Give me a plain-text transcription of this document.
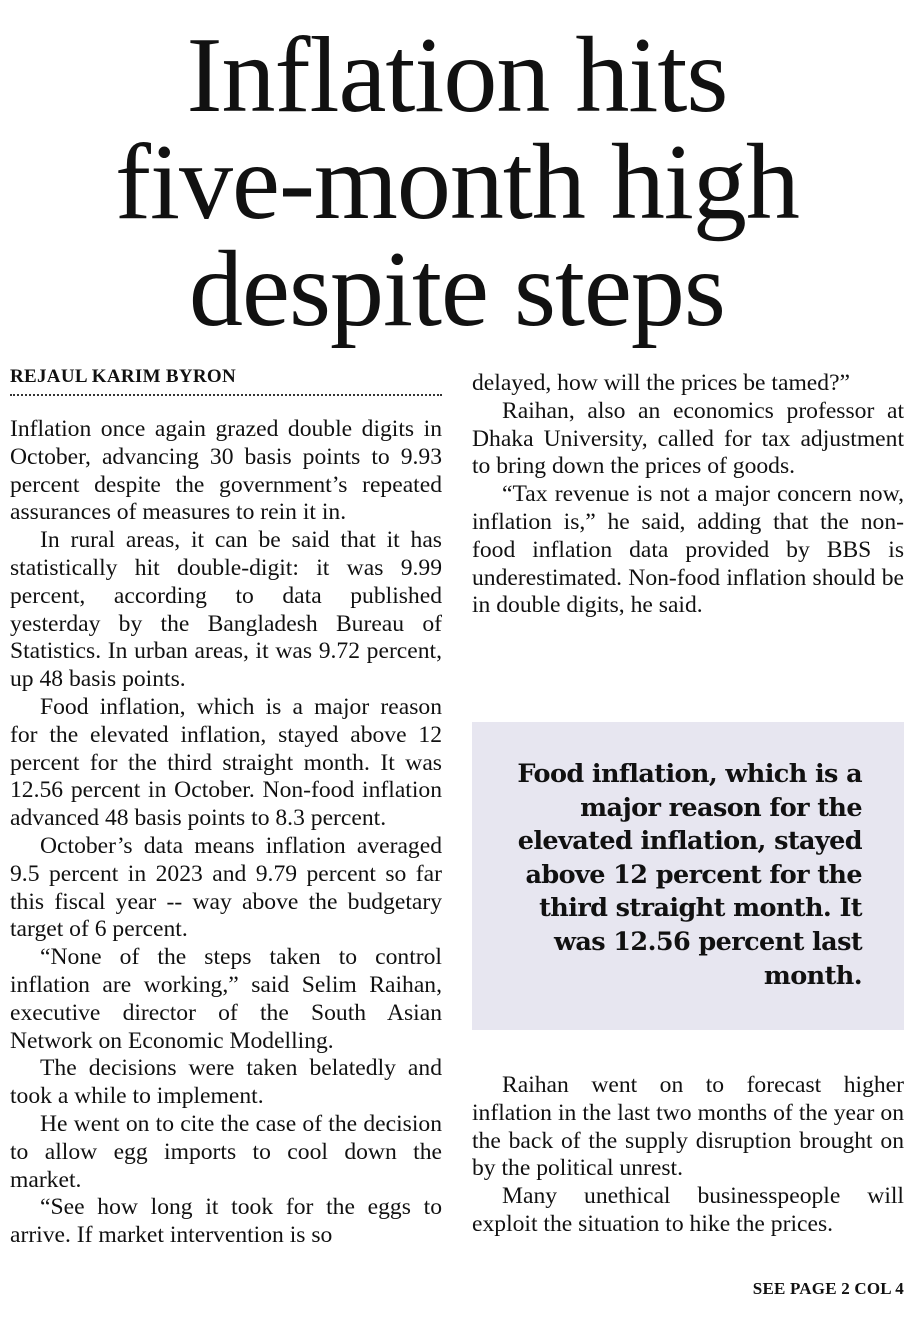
Inflation hits
five-month high
despite steps
REJAUL KARIM BYRON

Inflation once again grazed double digits in October, advancing 30 basis points to 9.93 percent despite the government’s repeated assurances of measures to rein it in.

In rural areas, it can be said that it has statistically hit double-digit: it was 9.99 percent, according to data published yesterday by the Bangladesh Bureau of Statistics. In urban areas, it was 9.72 percent, up 48 basis points.

Food inflation, which is a major reason for the elevated inflation, stayed above 12 percent for the third straight month. It was 12.56 percent in October. Non-food inflation advanced 48 basis points to 8.3 percent.

October’s data means inflation averaged 9.5 percent in 2023 and 9.79 percent so far this fiscal year -- way above the budgetary target of 6 percent.

“None of the steps taken to control inflation are working,” said Selim Raihan, executive director of the South Asian Network on Economic Modelling.

The decisions were taken belatedly and took a while to implement.

He went on to cite the case of the decision to allow egg imports to cool down the market.

“See how long it took for the eggs to arrive. If market intervention is so

delayed, how will the prices be tamed?”

Raihan, also an economics professor at Dhaka University, called for tax adjustment to bring down the prices of goods.

“Tax revenue is not a major concern now, inflation is,” he said, adding that the non-food inflation data provided by BBS is underestimated. Non-food inflation should be in double digits, he said.

Food inflation, which is a major reason for the elevated inflation, stayed above 12 percent for the third straight month. It was 12.56 percent last month.

Raihan went on to forecast higher inflation in the last two months of the year on the back of the supply disruption brought on by the political unrest.

Many unethical businesspeople will exploit the situation to hike the prices.

SEE PAGE 2 COL 4
